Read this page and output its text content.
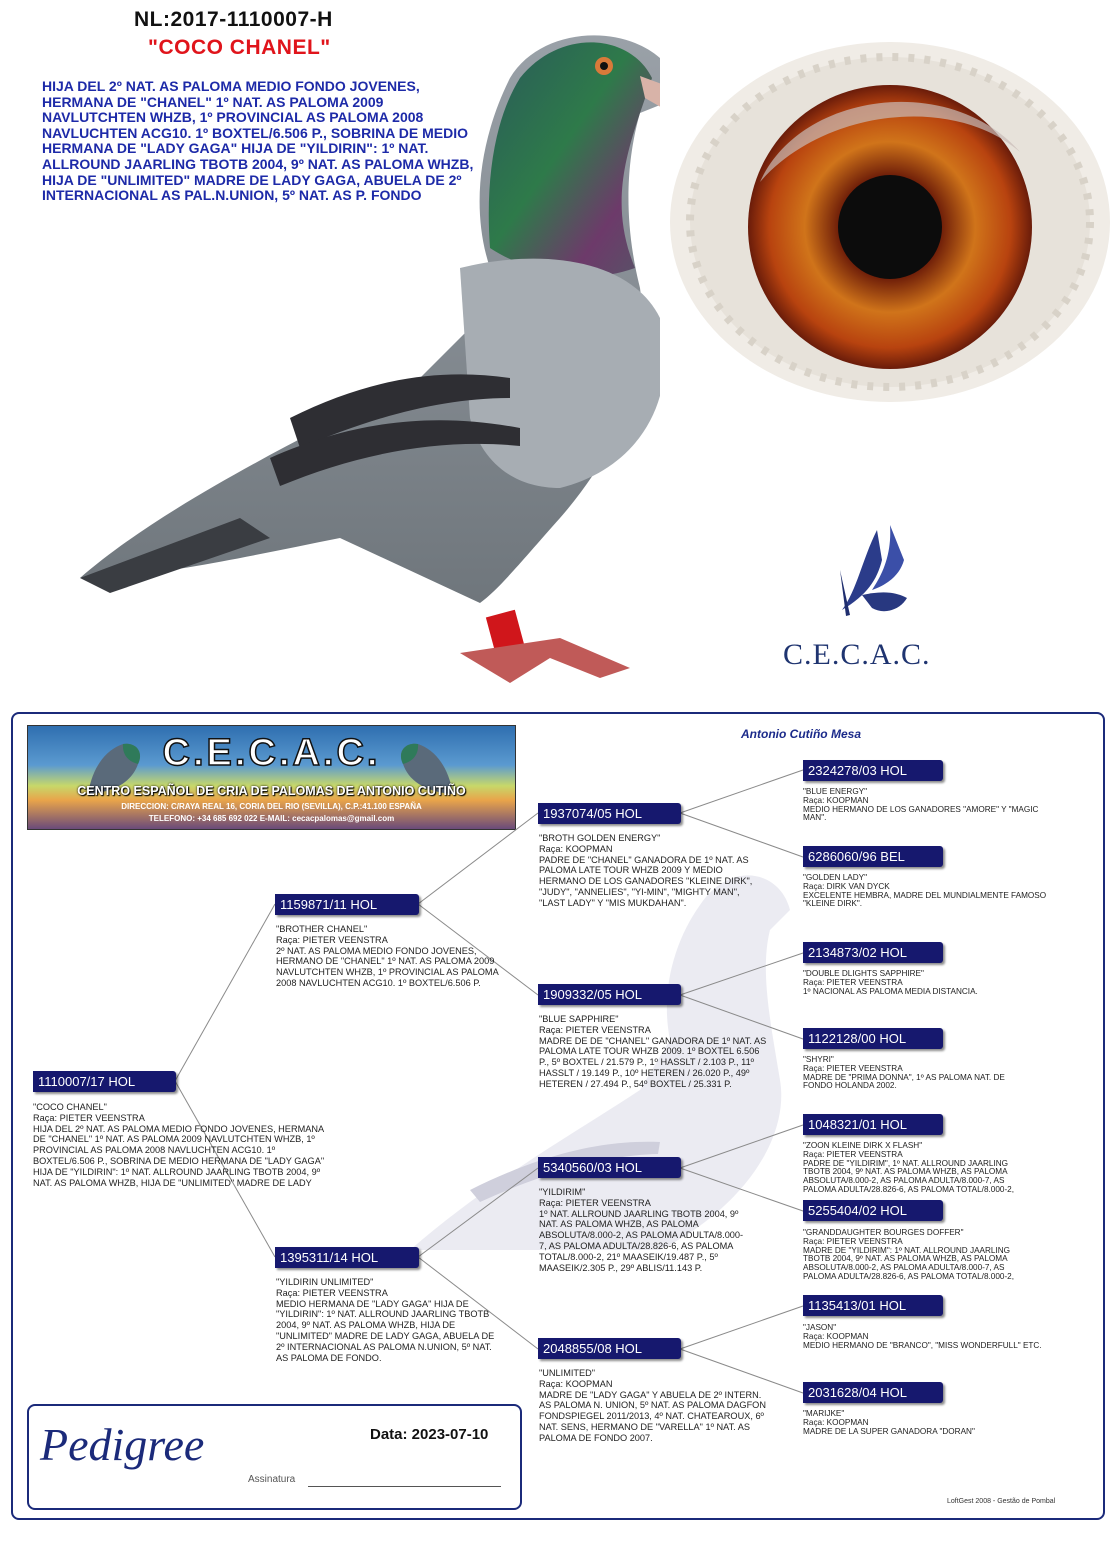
NL:2017-1110007-H
"COCO CHANEL"
HIJA DEL 2º NAT. AS PALOMA MEDIO FONDO JOVENES, HERMANA DE "CHANEL" 1º NAT. AS PALOMA 2009 NAVLUTCHTEN WHZB, 1º PROVINCIAL AS PALOMA 2008 NAVLUCHTEN ACG10. 1º BOXTEL/6.506 P., SOBRINA DE MEDIO HERMANA DE "LADY GAGA" HIJA DE "YILDIRIN": 1º NAT. ALLROUND JAARLING TBOTB 2004, 9º NAT. AS PALOMA WHZB, HIJA DE "UNLIMITED" MADRE DE LADY GAGA, ABUELA DE 2º INTERNACIONAL AS PAL.N.UNION, 5º NAT. AS P. FONDO
C.E.C.A.C.
Antonio Cutiño Mesa
C.E.C.A.C.
CENTRO ESPAÑOL DE CRIA DE PALOMAS DE ANTONIO CUTIÑO
DIRECCION: C/RAYA REAL 16, CORIA DEL RIO (SEVILLA), C.P.:41.100 ESPAÑA
TELEFONO: +34 685 692 022 E-MAIL: cecacpalomas@gmail.com
1110007/17 HOL
"COCO CHANEL"
Raça: PIETER VEENSTRA
HIJA DEL 2º NAT. AS PALOMA MEDIO FONDO JOVENES, HERMANA DE "CHANEL" 1º NAT. AS PALOMA 2009 NAVLUTCHTEN WHZB, 1º PROVINCIAL AS PALOMA 2008 NAVLUCHTEN ACG10. 1º BOXTEL/6.506 P., SOBRINA DE MEDIO HERMANA DE "LADY GAGA" HIJA DE "YILDIRIN": 1º NAT. ALLROUND JAARLING TBOTB 2004, 9º NAT. AS PALOMA WHZB, HIJA DE "UNLIMITED" MADRE DE LADY
1159871/11 HOL
"BROTHER CHANEL"
Raça: PIETER VEENSTRA
2º NAT. AS PALOMA MEDIO FONDO JOVENES, HERMANO DE "CHANEL" 1º NAT. AS PALOMA 2009 NAVLUTCHTEN WHZB, 1º PROVINCIAL AS PALOMA 2008 NAVLUCHTEN ACG10. 1º BOXTEL/6.506 P.
1395311/14 HOL
"YILDIRIN UNLIMITED"
Raça: PIETER VEENSTRA
MEDIO HERMANA DE "LADY GAGA" HIJA DE "YILDIRIN": 1º NAT. ALLROUND JAARLING TBOTB 2004, 9º NAT. AS PALOMA WHZB, HIJA DE "UNLIMITED" MADRE DE LADY GAGA, ABUELA DE 2º INTERNACIONAL AS PALOMA N.UNION, 5º NAT. AS PALOMA DE FONDO.
1937074/05 HOL
"BROTH GOLDEN ENERGY"
Raça: KOOPMAN
PADRE DE "CHANEL" GANADORA DE 1º NAT. AS PALOMA LATE TOUR WHZB 2009 Y MEDIO HERMANO DE LOS GANADORES "KLEINE DIRK", "JUDY", "ANNELIES", "YI-MIN", "MIGHTY MAN", "LAST LADY" Y "MIS MUKDAHAN".
1909332/05 HOL
"BLUE SAPPHIRE"
Raça: PIETER VEENSTRA
MADRE DE DE "CHANEL" GANADORA DE 1º NAT. AS PALOMA LATE TOUR WHZB 2009. 1º BOXTEL 6.506 P., 5º BOXTEL / 21.579 P., 1º HASSLT / 2.103 P., 11º HASSLT / 19.149 P., 10º HETEREN / 26.020 P., 49º HETEREN / 27.494 P., 54º BOXTEL / 25.331 P.
5340560/03 HOL
"YILDIRIM"
Raça: PIETER VEENSTRA
1º NAT. ALLROUND JAARLING TBOTB 2004, 9º NAT. AS PALOMA WHZB, AS PALOMA ABSOLUTA/8.000-2, AS PALOMA ADULTA/8.000-7, AS PALOMA ADULTA/28.826-6, AS PALOMA TOTAL/8.000-2, 21º MAASEIK/19.487 P., 5º MAASEIK/2.305 P., 29º ABLIS/11.143 P.
2048855/08 HOL
"UNLIMITED"
Raça: KOOPMAN
MADRE DE "LADY GAGA" Y ABUELA DE 2º INTERN. AS PALOMA N. UNION, 5º NAT. AS PALOMA DAGFON FONDSPIEGEL 2011/2013, 4º NAT. CHATEAROUX, 6º NAT. SENS, HERMANO DE "VARELLA" 1º NAT. AS PALOMA DE FONDO 2007.
2324278/03 HOL
"BLUE ENERGY"
Raça: KOOPMAN
MEDIO HERMANO DE LOS GANADORES "AMORE" Y "MAGIC MAN".
6286060/96 BEL
"GOLDEN LADY"
Raça: DIRK VAN DYCK
EXCELENTE HEMBRA, MADRE DEL MUNDIALMENTE FAMOSO "KLEINE DIRK".
2134873/02 HOL
"DOUBLE DLIGHTS SAPPHIRE"
Raça: PIETER VEENSTRA
1º NACIONAL AS PALOMA MEDIA DISTANCIA.
1122128/00 HOL
"SHYRI"
Raça: PIETER VEENSTRA
MADRE DE "PRIMA DONNA", 1º AS PALOMA NAT. DE FONDO HOLANDA 2002.
1048321/01 HOL
"ZOON KLEINE DIRK X FLASH"
Raça: PIETER VEENSTRA
PADRE DE "YILDIRIM", 1º NAT. ALLROUND JAARLING TBOTB 2004, 9º NAT. AS PALOMA WHZB, AS PALOMA ABSOLUTA/8.000-2, AS PALOMA ADULTA/8.000-7, AS PALOMA ADULTA/28.826-6, AS PALOMA TOTAL/8.000-2,
5255404/02 HOL
"GRANDDAUGHTER BOURGES DOFFER"
Raça: PIETER VEENSTRA
MADRE DE "YILDIRIM": 1º NAT. ALLROUND JAARLING TBOTB 2004, 9º NAT. AS PALOMA WHZB, AS PALOMA ABSOLUTA/8.000-2, AS PALOMA ADULTA/8.000-7, AS PALOMA ADULTA/28.826-6, AS PALOMA TOTAL/8.000-2,
1135413/01 HOL
"JASON"
Raça: KOOPMAN
MEDIO HERMANO DE "BRANCO", "MISS WONDERFULL" ETC.
2031628/04 HOL
"MARIJKE"
Raça: KOOPMAN
MADRE DE LA SUPER GANADORA "DORAN"
Pedigree	Data: 2023-07-10
Assinatura
LoftGest 2008 - Gestão de Pombal
